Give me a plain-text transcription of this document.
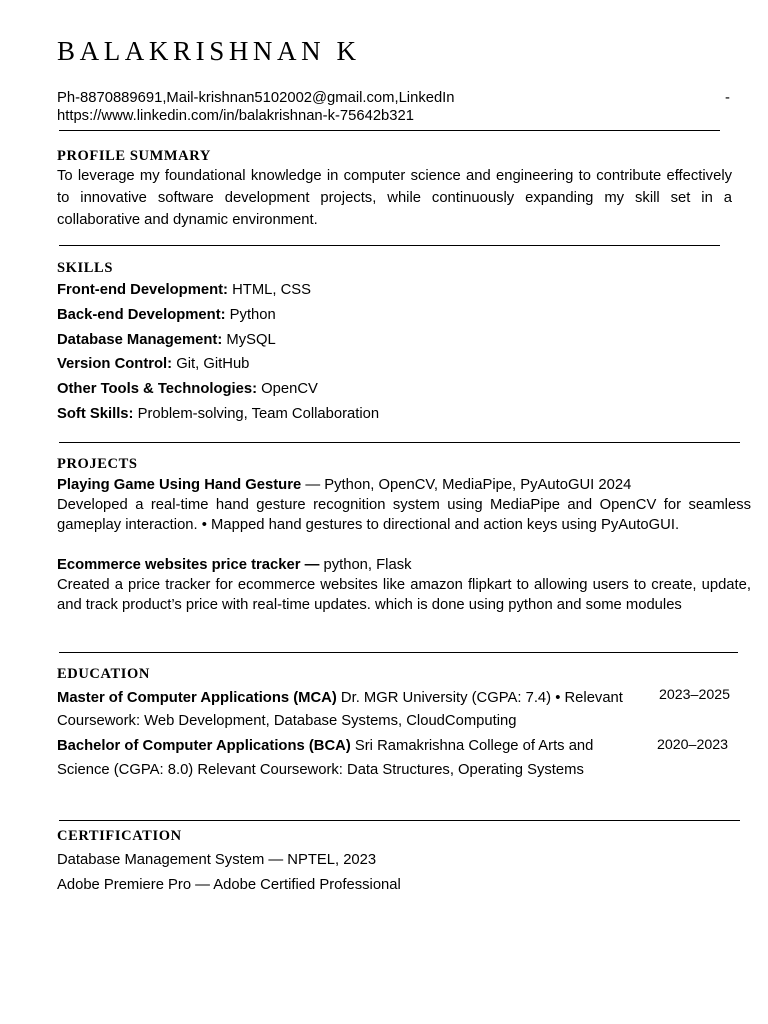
BALAKRISHNAN K
Ph-8870889691,Mail-krishnan5102002@gmail.com,LinkedIn	-
https://www.linkedin.com/in/balakrishnan-k-75642b321
PROFILE SUMMARY
To leverage my foundational knowledge in computer science and engineering to contribute effectively to innovative software development projects, while continuously expanding my skill set in a collaborative and dynamic environment.
SKILLS
Front-end Development: HTML, CSS
Back-end Development: Python
Database Management: MySQL
Version Control: Git, GitHub
Other Tools & Technologies: OpenCV
Soft Skills: Problem-solving, Team Collaboration
PROJECTS
Playing Game Using Hand Gesture — Python, OpenCV, MediaPipe, PyAutoGUI 2024
Developed a real-time hand gesture recognition system using MediaPipe and OpenCV for seamless gameplay interaction. • Mapped hand gestures to directional and action keys using PyAutoGUI.
Ecommerce websites price tracker — python, Flask
Created a price tracker for ecommerce websites like amazon flipkart to allowing users to create, update, and track product’s price with real-time updates. which is done using python and some modules
EDUCATION
Master of Computer Applications (MCA) Dr. MGR University (CGPA: 7.4) • Relevant	2023–2025
Coursework: Web Development, Database Systems, CloudComputing
Bachelor of Computer Applications (BCA) Sri Ramakrishna College of Arts and	2020–2023
Science (CGPA: 8.0) Relevant Coursework: Data Structures, Operating Systems
CERTIFICATION
Database Management System — NPTEL, 2023
Adobe Premiere Pro — Adobe Certified Professional
